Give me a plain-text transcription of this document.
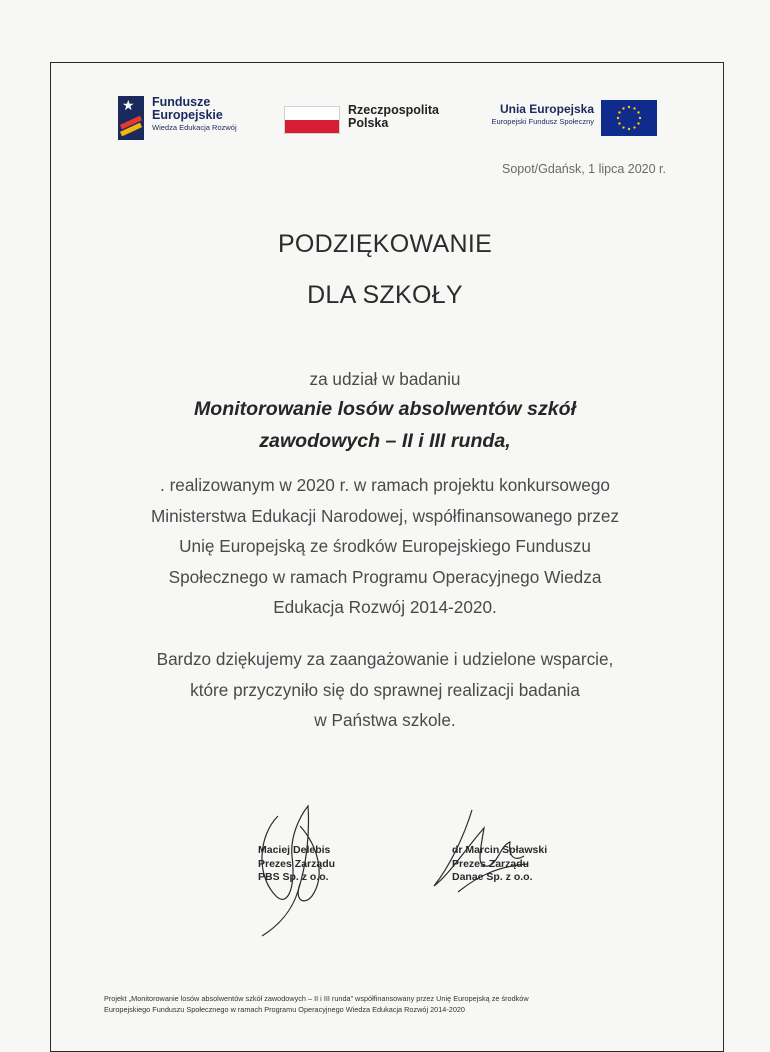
★ Fundusze
Europejskie
Wiedza Edukacja Rozwój
Rzeczpospolita
Polska
Unia Europejska
Europejski Fundusz Społeczny
Sopot/Gdańsk, 1 lipca 2020 r.
PODZIĘKOWANIE
DLA SZKOŁY
za udział w badaniu
Monitorowanie losów absolwentów szkół
zawodowych – II i III runda,
. realizowanym w 2020 r. w ramach projektu konkursowego
Ministerstwa Edukacji Narodowej, współfinansowanego przez
Unię Europejską ze środków Europejskiego Funduszu
Społecznego w ramach Programu Operacyjnego Wiedza
Edukacja Rozwój 2014-2020.
Bardzo dziękujemy za zaangażowanie i udzielone wsparcie,
które przyczyniło się do sprawnej realizacji badania
w Państwa szkole.
Maciej Delebis
Prezes Zarządu
PBS Sp. z o.o.
dr Marcin Spławski
Prezes Zarządu
Danae Sp. z o.o.
Projekt „Monitorowanie losów absolwentów szkół zawodowych – II i III runda” współfinansowany przez Unię Europejską ze środków
Europejskiego Funduszu Społecznego w ramach Programu Operacyjnego Wiedza Edukacja Rozwój 2014-2020
